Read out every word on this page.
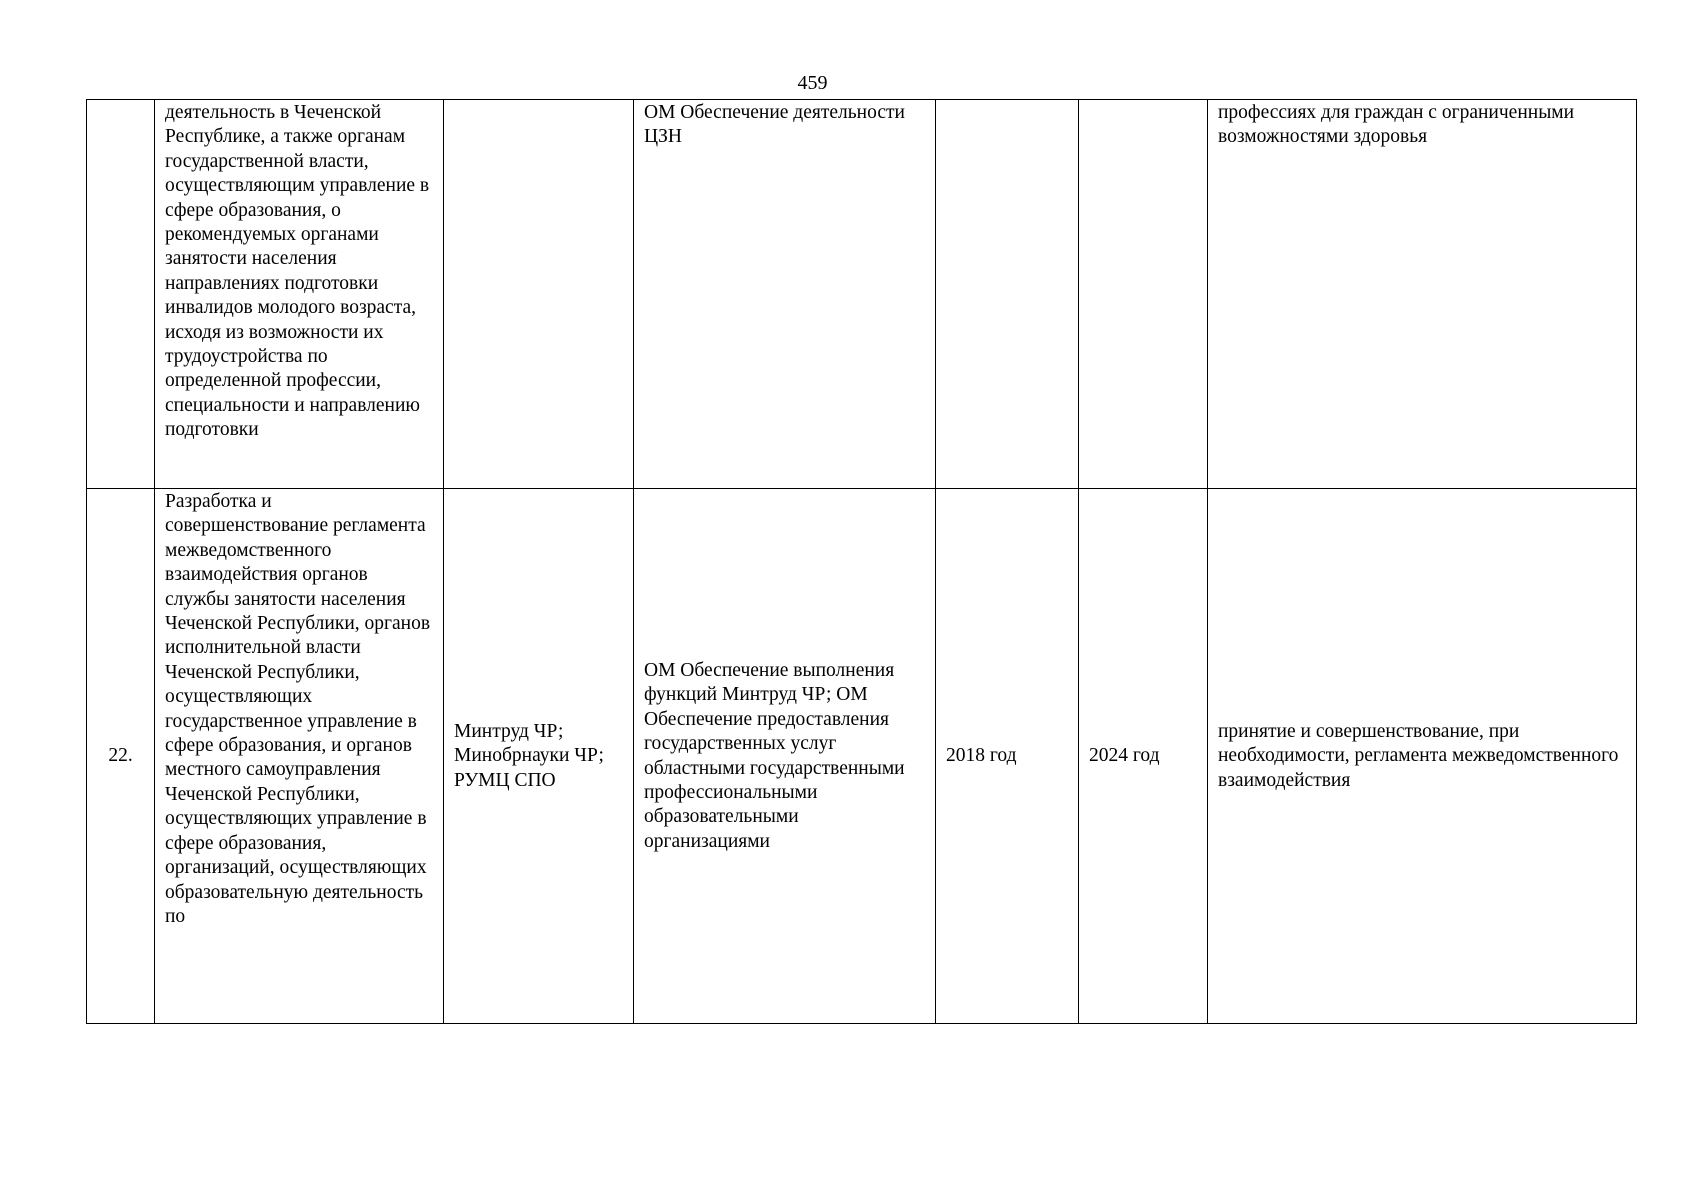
459
	деятельность в Чеченской Республике, а также органам государственной власти, осуществляющим управление в сфере образования, о рекомендуемых органами занятости населения направлениях подготовки инвалидов молодого возраста, исходя из возможности их трудоустройства по определенной профессии, специальности и направлению подготовки		ОМ Обеспечение деятельности ЦЗН			профессиях для граждан с ограниченными возможностями здоровья
22.	Разработка и совершенствование регламента межведомственного взаимодействия органов службы занятости населения Чеченской Республики, органов исполнительной власти Чеченской Республики, осуществляющих государственное управление в сфере образования, и органов местного самоуправления Чеченской Республики, осуществляющих управление в сфере образования, организаций, осуществляющих образовательную деятельность по	Минтруд ЧР; Минобрнауки ЧР; РУМЦ СПО	ОМ Обеспечение выполнения функций Минтруд ЧР; ОМ Обеспечение предоставления государственных услуг областными государственными профессиональными образовательными организациями	2018 год	2024 год	принятие и совершенствование, при необходимости, регламента межведомственного взаимодействия
